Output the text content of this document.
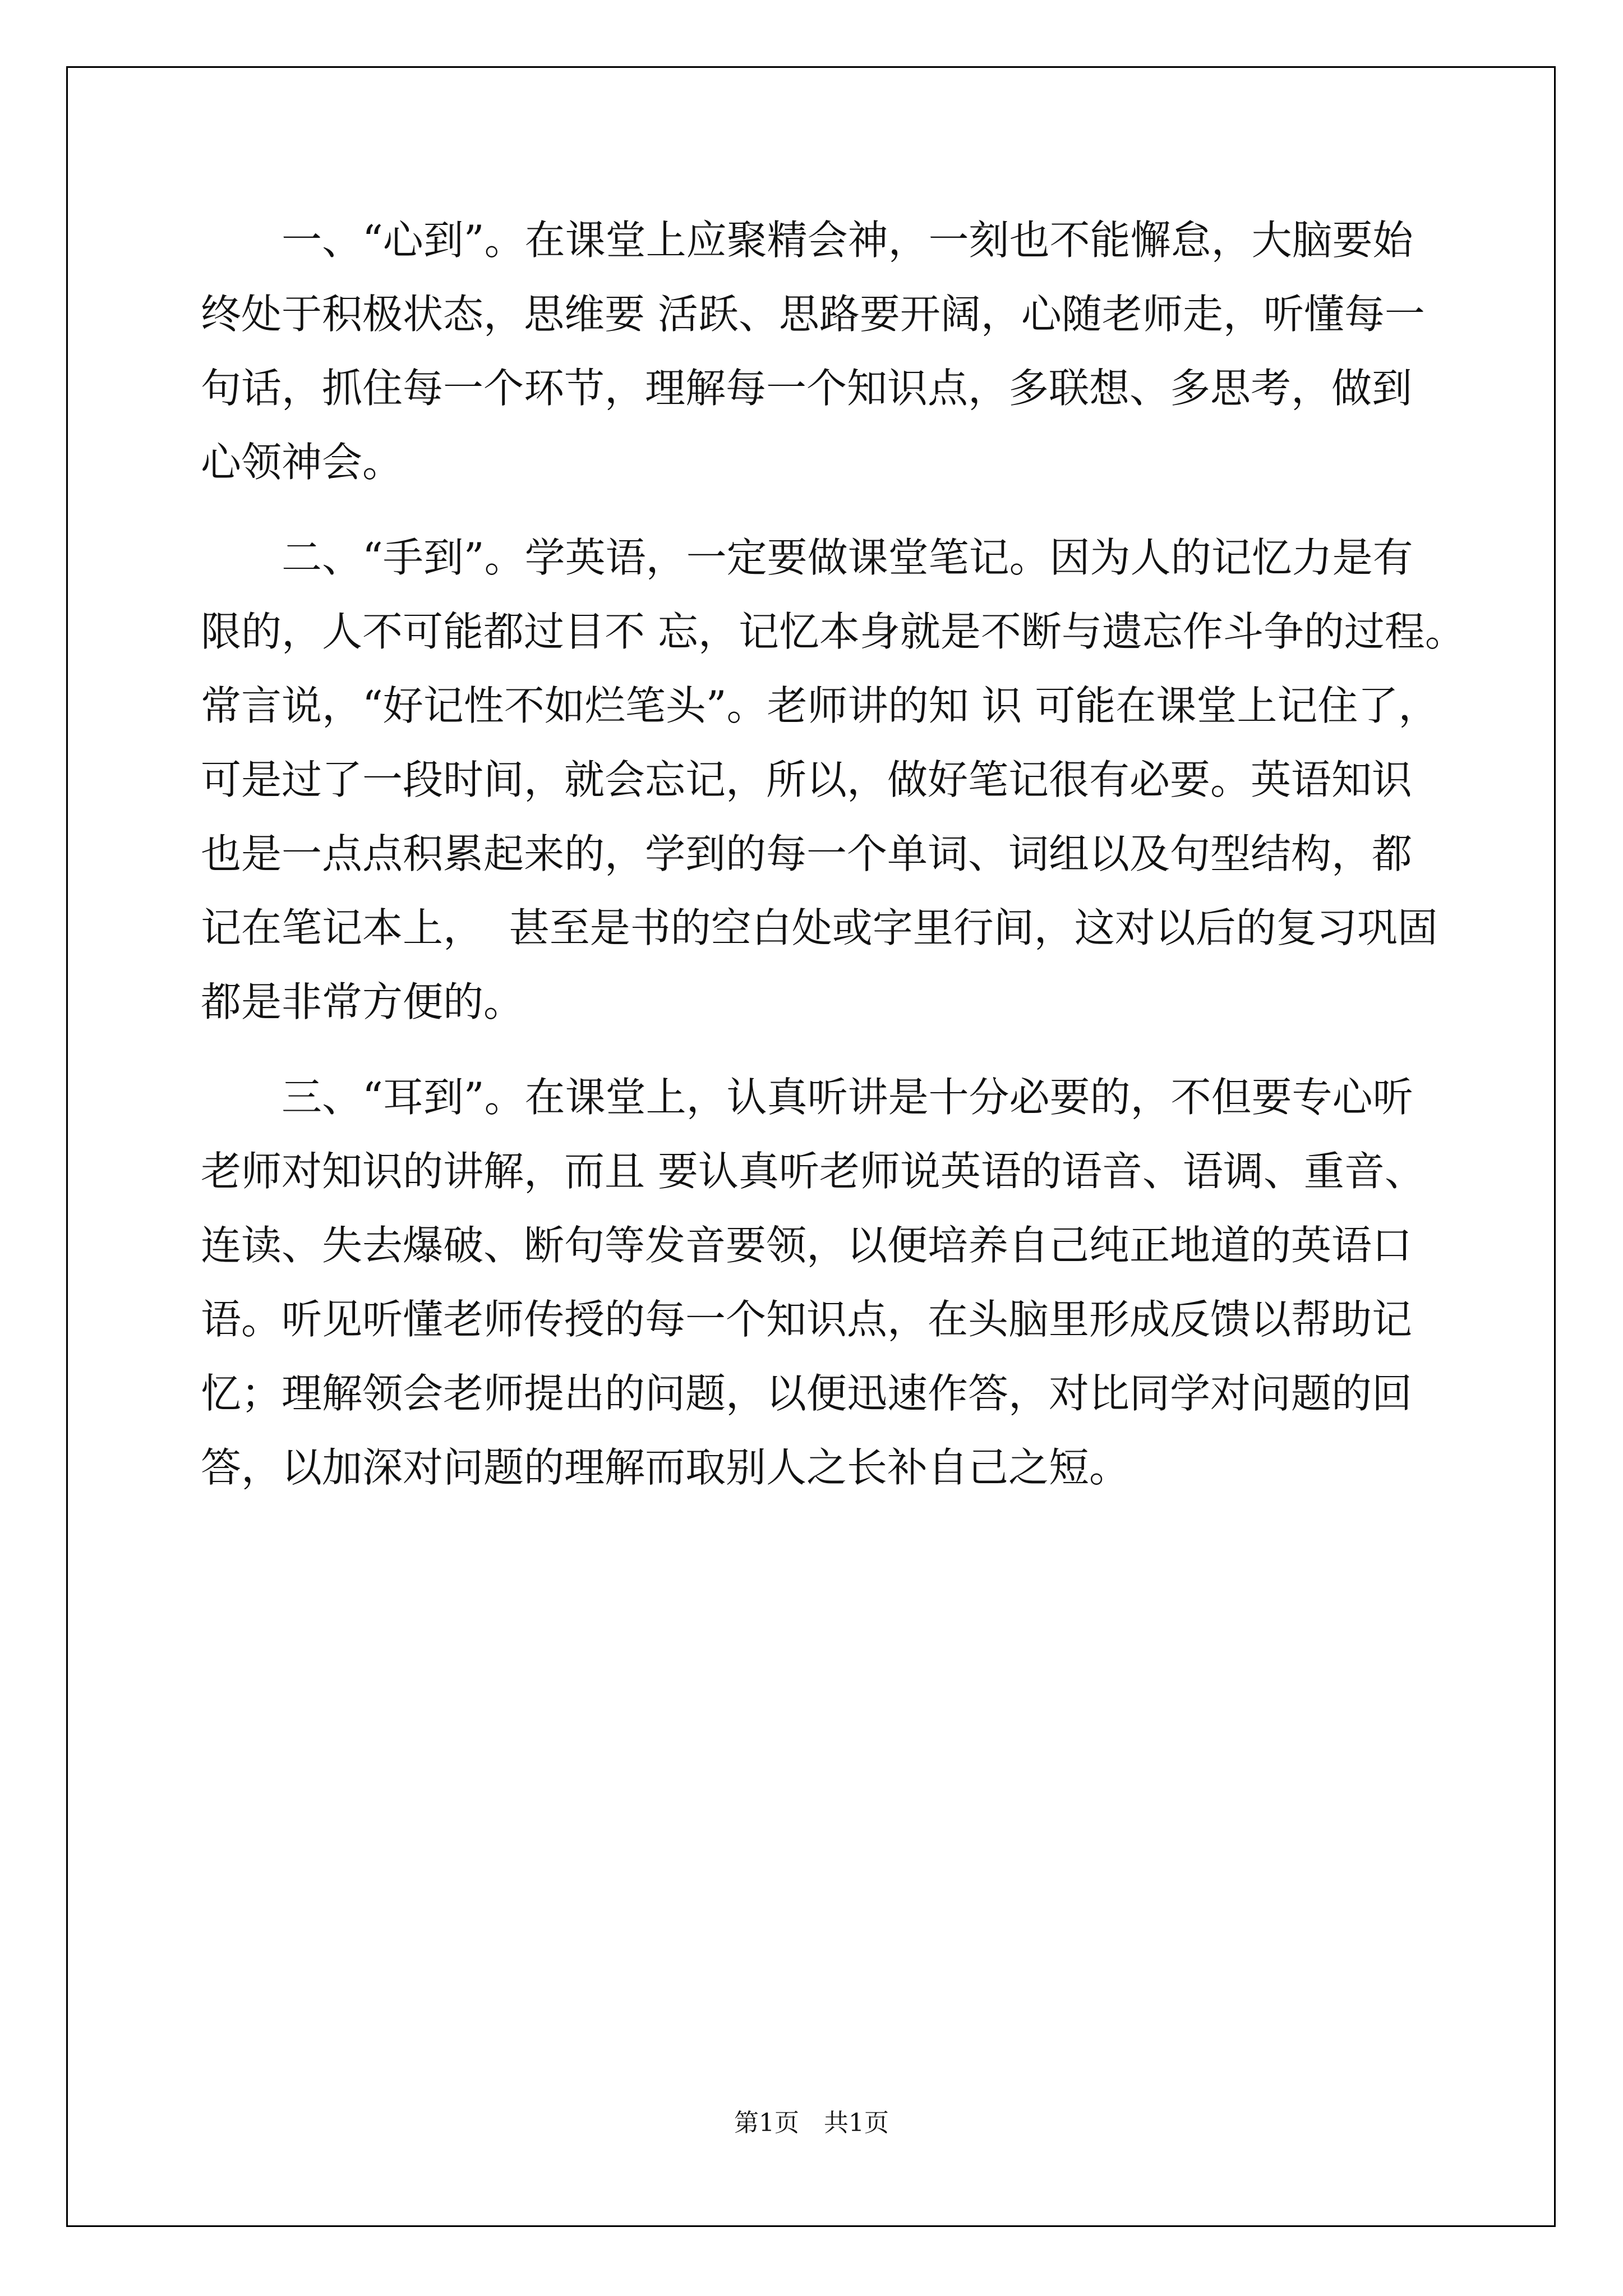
　　一、“心到”。在课堂上应聚精会神，一刻也不能懈怠，大脑要始
终处于积极状态，思维要 活跃、思路要开阔，心随老师走，听懂每一
句话，抓住每一个环节，理解每一个知识点，多联想、多思考，做到
心领神会。
　　二、“手到”。学英语，一定要做课堂笔记。因为人的记忆力是有
限的，人不可能都过目不 忘，记忆本身就是不断与遗忘作斗争的过程。
常言说，“好记性不如烂笔头”。老师讲的知 识 可能在课堂上记住了，
可是过了一段时间，就会忘记，所以，做好笔记很有必要。英语知识
也是一点点积累起来的，学到的每一个单词、词组以及句型结构，都
记在笔记本上，  甚至是书的空白处或字里行间，这对以后的复习巩固
都是非常方便的。
　　三、“耳到”。在课堂上，认真听讲是十分必要的，不但要专心听
老师对知识的讲解，而且 要认真听老师说英语的语音、语调、重音、
连读、失去爆破、断句等发音要领，以便培养自己纯正地道的英语口
语。听见听懂老师传授的每一个知识点，在头脑里形成反馈以帮助记
忆；理解领会老师提出的问题，以便迅速作答，对比同学对问题的回
答，以加深对问题的理解而取别人之长补自己之短。
第1页　共1页
